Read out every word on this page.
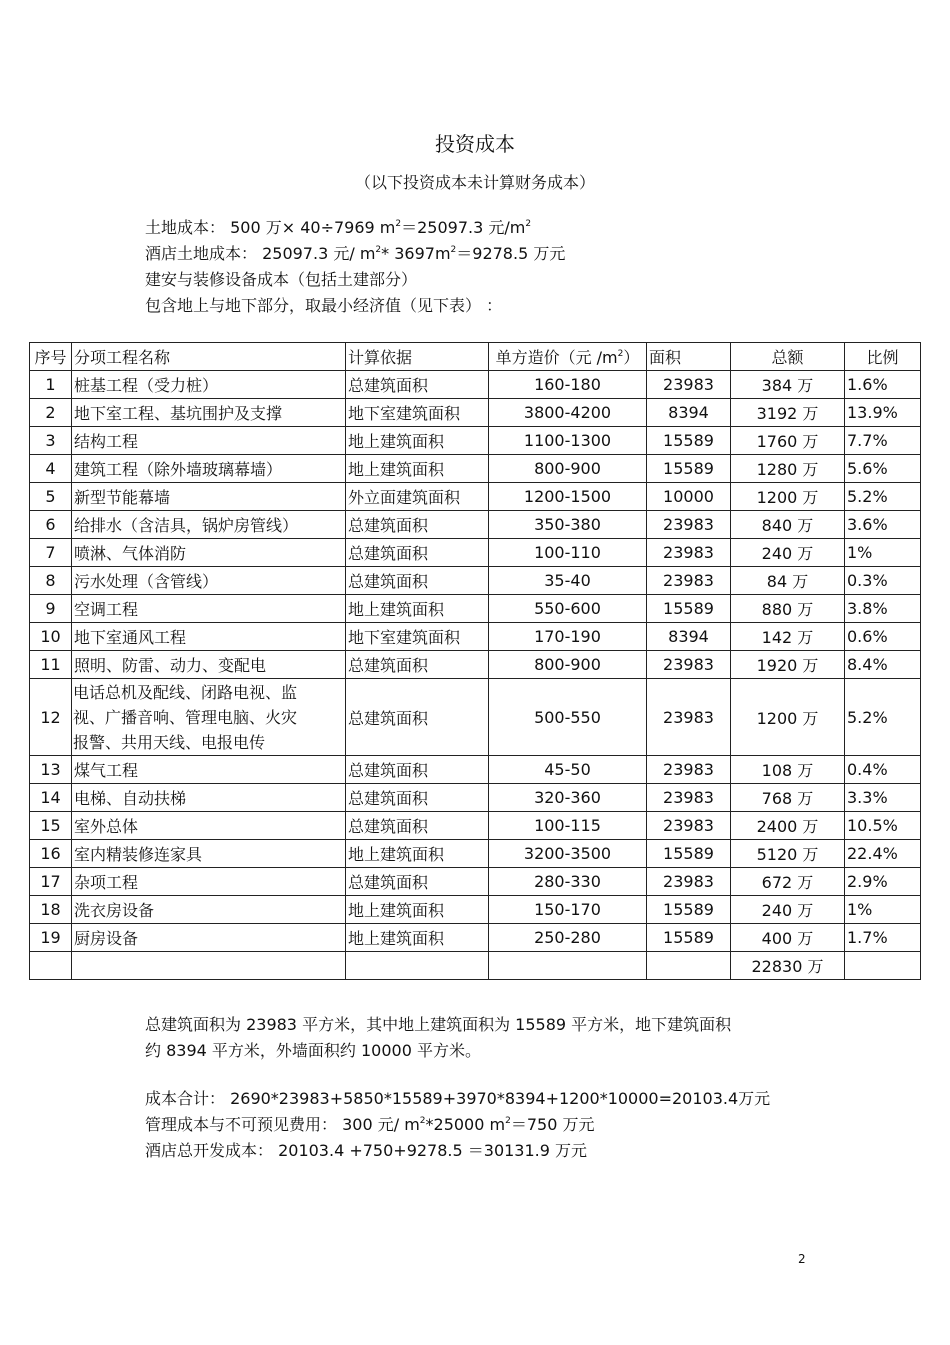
投资成本
（以下投资成本未计算财务成本）
土地成本： 500 万× 40÷7969 $m^2=25097.3$ 元$/m^2$
酒店土地成本： 25097.3 元/ $m^2*$ $3697m^2=9278.5$ 万元
建安与装修设备成本（包括土建部分）
包含地上与地下部分，取最小经济值（见下表） ：
序号	分项工程名称	计算依据	单方造价（元 $/m^2$）	面积	总额	比例
1	桩基工程（受力桩）	总建筑面积	160-180	23983	384 万	1.6%
2	地下室工程、基坑围护及支撑	地下室建筑面积	3800-4200	8394	3192 万	13.9%
3	结构工程	地上建筑面积	1100-1300	15589	1760 万	7.7%
4	建筑工程（除外墙玻璃幕墙）	地上建筑面积	800-900	15589	1280 万	5.6%
5	新型节能幕墙	外立面建筑面积	1200-1500	10000	1200 万	5.2%
6	给排水（含洁具，锅炉房管线）	总建筑面积	350-380	23983	840 万	3.6%
7	喷淋、气体消防	总建筑面积	100-110	23983	240 万	1%
8	污水处理（含管线）	总建筑面积	35-40	23983	84 万	0.3%
9	空调工程	地上建筑面积	550-600	15589	880 万	3.8%
10	地下室通风工程	地下室建筑面积	170-190	8394	142 万	0.6%
11	照明、防雷、动力、变配电	总建筑面积	800-900	23983	1920 万	8.4%
12	电话总机及配线、闭路电视、监
视、广播音响、管理电脑、火灾
报警、共用天线、电报电传	总建筑面积	500-550	23983	1200 万	5.2%
13	煤气工程	总建筑面积	45-50	23983	108 万	0.4%
14	电梯、自动扶梯	总建筑面积	320-360	23983	768 万	3.3%
15	室外总体	总建筑面积	100-115	23983	2400 万	10.5%
16	室内精装修连家具	地上建筑面积	3200-3500	15589	5120 万	22.4%
17	杂项工程	总建筑面积	280-330	23983	672 万	2.9%
18	洗衣房设备	地上建筑面积	150-170	15589	240 万	1%
19	厨房设备	地上建筑面积	250-280	15589	400 万	1.7%
					22830 万	
总建筑面积为 23983 平方米，其中地上建筑面积为 15589 平方米，地下建筑面积
约 8394 平方米，外墙面积约 10000 平方米。
成本合计： 2690*23983+5850*15589+3970*8394+1200*10000=20103.4万元
管理成本与不可预见费用： 300 元/ $m^2*25000$ $m^2=750$ 万元
酒店总开发成本： 20103.4 +750+9278.5 ＝30131.9 万元
2
